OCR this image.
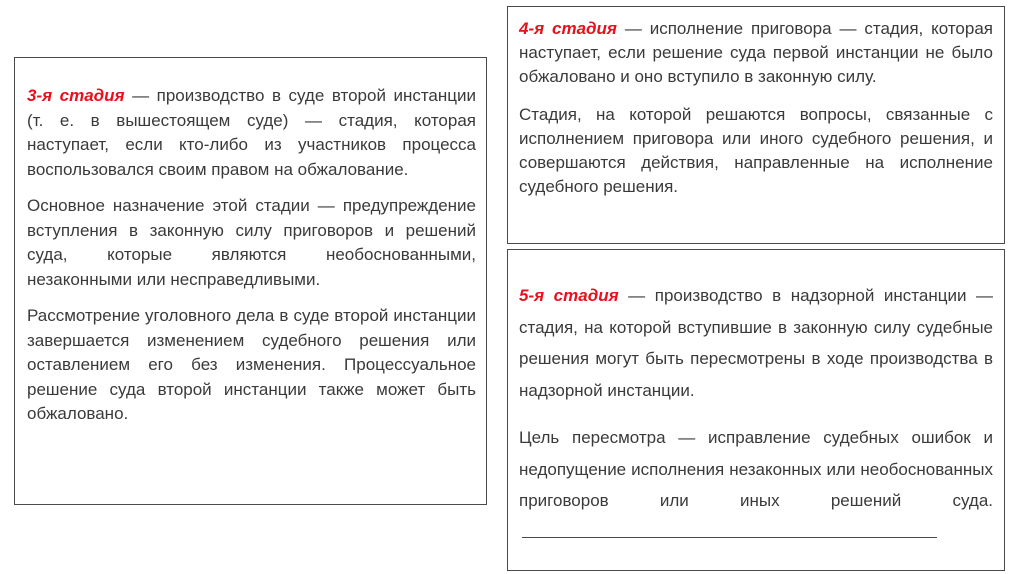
3-я стадия — производство в суде второй инстанции (т. е. в вышестоящем суде) — стадия, которая наступает, если кто-либо из участников процесса воспользовался своим правом на обжалование.

Основное назначение этой стадии — предупреждение вступления в законную силу приговоров и решений суда, которые являются необоснованными, незаконными или несправедливыми.

Рассмотрение уголовного дела в суде второй инстанции завершается изменением судебного решения или оставлением его без изменения. Процессуальное решение суда второй инстанции также может быть обжаловано.

4-я стадия — исполнение приговора — стадия, которая наступает, если решение суда первой инстанции не было обжаловано и оно вступило в законную силу.

Стадия, на которой решаются вопросы, связанные с исполнением приговора или иного судебного решения, и совершаются действия, направленные на исполнение судебного решения.

5-я стадия — производство в надзорной инстанции — стадия, на которой вступившие в законную силу судебные решения могут быть пересмотрены в ходе производства в надзорной инстанции.

Цель пересмотра — исправление судебных ошибок и недопущение исполнения незаконных или необоснованных приговоров или иных решений суда.
